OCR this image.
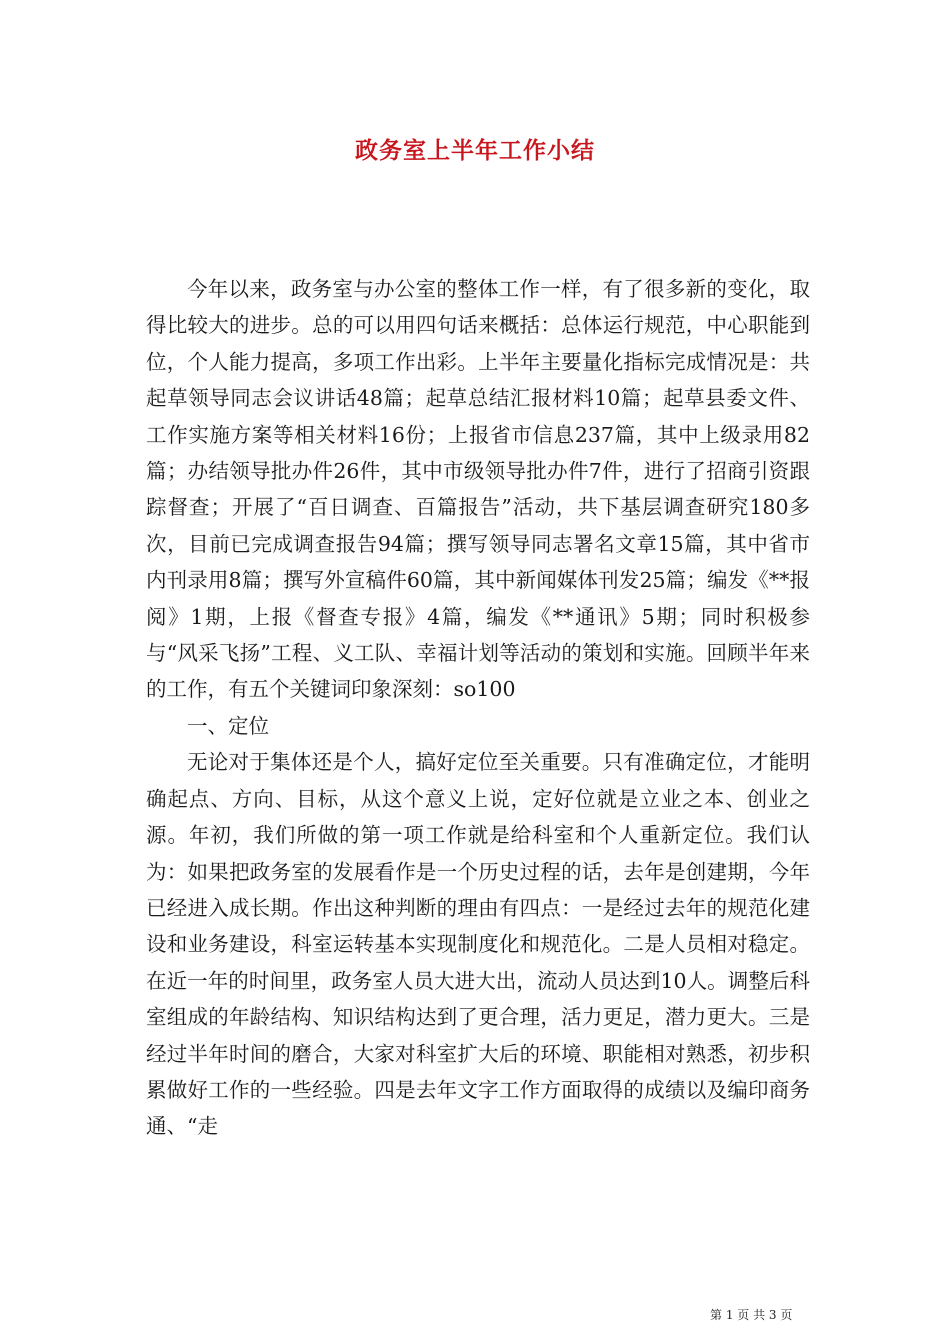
政务室上半年工作小结

今年以来，政务室与办公室的整体工作一样，有了很多新的变化，取得比较大的进步。总的可以用四句话来概括：总体运行规范，中心职能到位，个人能力提高，多项工作出彩。上半年主要量化指标完成情况是：共起草领导同志会议讲话48篇；起草总结汇报材料10篇；起草县委文件、工作实施方案等相关材料16份；上报省市信息237篇，其中上级录用82篇；办结领导批办件26件，其中市级领导批办件7件，进行了招商引资跟踪督查；开展了“百日调查、百篇报告”活动，共下基层调查研究180多次，目前已完成调查报告94篇；撰写领导同志署名文章15篇，其中省市内刊录用8篇；撰写外宣稿件60篇，其中新闻媒体刊发25篇；编发《**报阅》1期，上报《督查专报》4篇，编发《**通讯》5期；同时积极参与“风采飞扬”工程、义工队、幸福计划等活动的策划和实施。回顾半年来的工作，有五个关键词印象深刻：so100

一、定位

无论对于集体还是个人，搞好定位至关重要。只有准确定位，才能明确起点、方向、目标，从这个意义上说，定好位就是立业之本、创业之源。年初，我们所做的第一项工作就是给科室和个人重新定位。我们认为：如果把政务室的发展看作是一个历史过程的话，去年是创建期，今年已经进入成长期。作出这种判断的理由有四点：一是经过去年的规范化建设和业务建设，科室运转基本实现制度化和规范化。二是人员相对稳定。在近一年的时间里，政务室人员大进大出，流动人员达到10人。调整后科室组成的年龄结构、知识结构达到了更合理，活力更足，潜力更大。三是经过半年时间的磨合，大家对科室扩大后的环境、职能相对熟悉，初步积累做好工作的一些经验。四是去年文字工作方面取得的成绩以及编印商务通、“走

第 1 页 共 3 页
